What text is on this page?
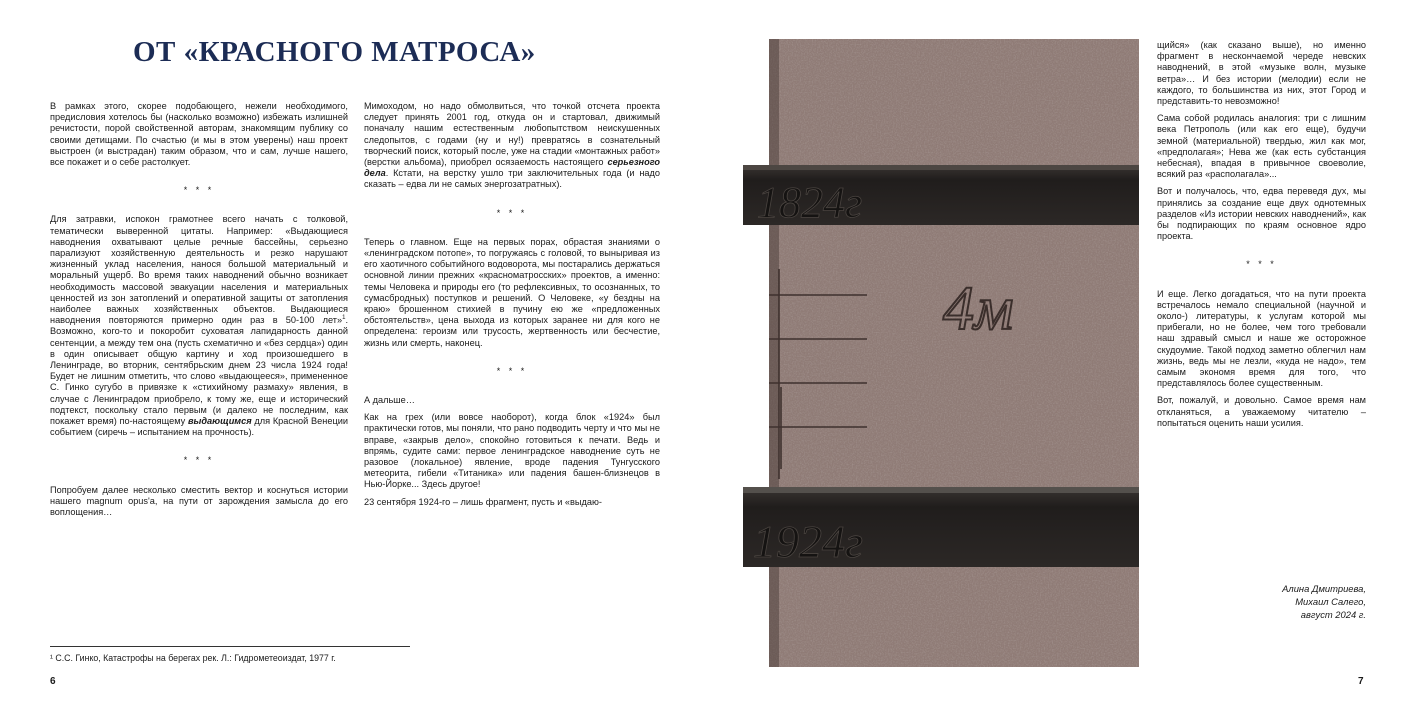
ОТ «КРАСНОГО МАТРОСА»

В рамках этого, скорее подобающего, нежели необходимого, предисловия хотелось бы (насколько возможно) избежать излишней речистости, порой свойственной авторам, знакомящим публику со своими детищами. По счастью (и мы в этом уверены) наш проект выстроен (и выстрадан) таким образом, что и сам, лучше нашего, все покажет и о себе растолкует.

* * *

Для затравки, испокон грамотнее всего начать с толковой, тематически выверенной цитаты. Например: «Выдающиеся наводнения охватывают целые речные бассейны, серьезно парализуют хозяйственную деятельность и резко нарушают жизненный уклад населения, нанося большой материальный и моральный ущерб. Во время таких наводнений обычно возникает необходимость массовой эвакуации населения и материальных ценностей из зон затоплений и оперативной защиты от затопления наиболее важных хозяйственных объектов. Выдающиеся наводнения повторяются примерно один раз в 50-100 лет»$^1$. Возможно, кого-то и покоробит суховатая лапидарность данной сентенции, а между тем она (пусть схематично и «без сердца») один в один описывает общую картину и ход произошедшего в Ленинграде, во вторник, сентябрьским днем 23 числа 1924 года! Будет не лишним отметить, что слово «выдающееся», примененное С. Гинко сугубо в привязке к «стихийному размаху» явления, в случае с Ленинградом приобрело, к тому же, еще и исторический подтекст, поскольку стало первым (и далеко не последним, как покажет время) по-настоящему выдающимся для Красной Венеции событием (сиречь – испытанием на прочность).

* * *

Попробуем далее несколько сместить вектор и коснуться истории нашего magnum opus'а, на пути от зарождения замысла до его воплощения…

Мимоходом, но надо обмолвиться, что точкой отсчета проекта следует принять 2001 год, откуда он и стартовал, движимый поначалу нашим естественным любопытством неискушенных следопытов, с годами (ну и ну!) превратясь в сознательный творческий поиск, который после, уже на стадии «монтажных работ» (верстки альбома), приобрел осязаемость настоящего серьезного дела. Кстати, на верстку ушло три заключительных года (и надо сказать – едва ли не самых энергозатратных).

* * *

Теперь о главном. Еще на первых порах, обрастая знаниями о «ленинградском потопе», то погружаясь с головой, то выныривая из его хаотичного событийного водоворота, мы постарались держаться основной линии прежних «красноматросских» проектов, а именно: темы Человека и природы его (то рефлексивных, то осознанных, то сумасбродных) поступков и решений. О Человеке, «у бездны на краю» брошенном стихией в пучину ею же «предложенных обстоятельств», цена выхода из которых заранее ни для кого не определена: героизм или трусость, жертвенность или бесчестие, жизнь или смерть, наконец.

* * *

А дальше…

Как на грех (или вовсе наоборот), когда блок «1924» был практически готов, мы поняли, что рано подводить черту и что мы не вправе, «закрыв дело», спокойно готовиться к печати. Ведь и впрямь, судите сами: первое ленинградское наводнение суть не разовое (локальное) явление, вроде падения Тунгусского метеорита, гибели «Титаника» или падения башен-близнецов в Нью-Йорке... Здесь другое!

23 сентября 1924-го – лишь фрагмент, пусть и «выдаю-

¹ С.С. Гинко, Катастрофы на берегах рек. Л.: Гидрометеоиздат, 1977 г.
6
1824г
4м
1924г

щийся» (как сказано выше), но именно фрагмент в нескончаемой череде невских наводнений, в этой «музыке волн, музыке ветра»… И без истории (мелодии) если не каждого, то большинства из них, этот Город и представить-то невозможно!

Сама собой родилась аналогия: три с лишним века Петрополь (или как его еще), будучи земной (материальной) твердью, жил как мог, «предполагая»; Нева же (как есть субстанция небесная), впадая в привычное своеволие, всякий раз «располагала»...

Вот и получалось, что, едва переведя дух, мы принялись за создание еще двух однотемных разделов «Из истории невских наводнений», как бы подпирающих по краям основное ядро проекта.

* * *

И еще. Легко догадаться, что на пути проекта встречалось немало специальной (научной и около-) литературы, к услугам которой мы прибегали, но не более, чем того требовали наш здравый смысл и наше же осторожное скудоумие. Такой подход заметно облегчил нам жизнь, ведь мы не лезли, «куда не надо», тем самым экономя время для того, что представлялось более существенным.

Вот, пожалуй, и довольно. Самое время нам откланяться, а уважаемому читателю – попытаться оценить наши усилия.

Алина Дмитриева,
Михаил Салего,
август 2024 г.
7
